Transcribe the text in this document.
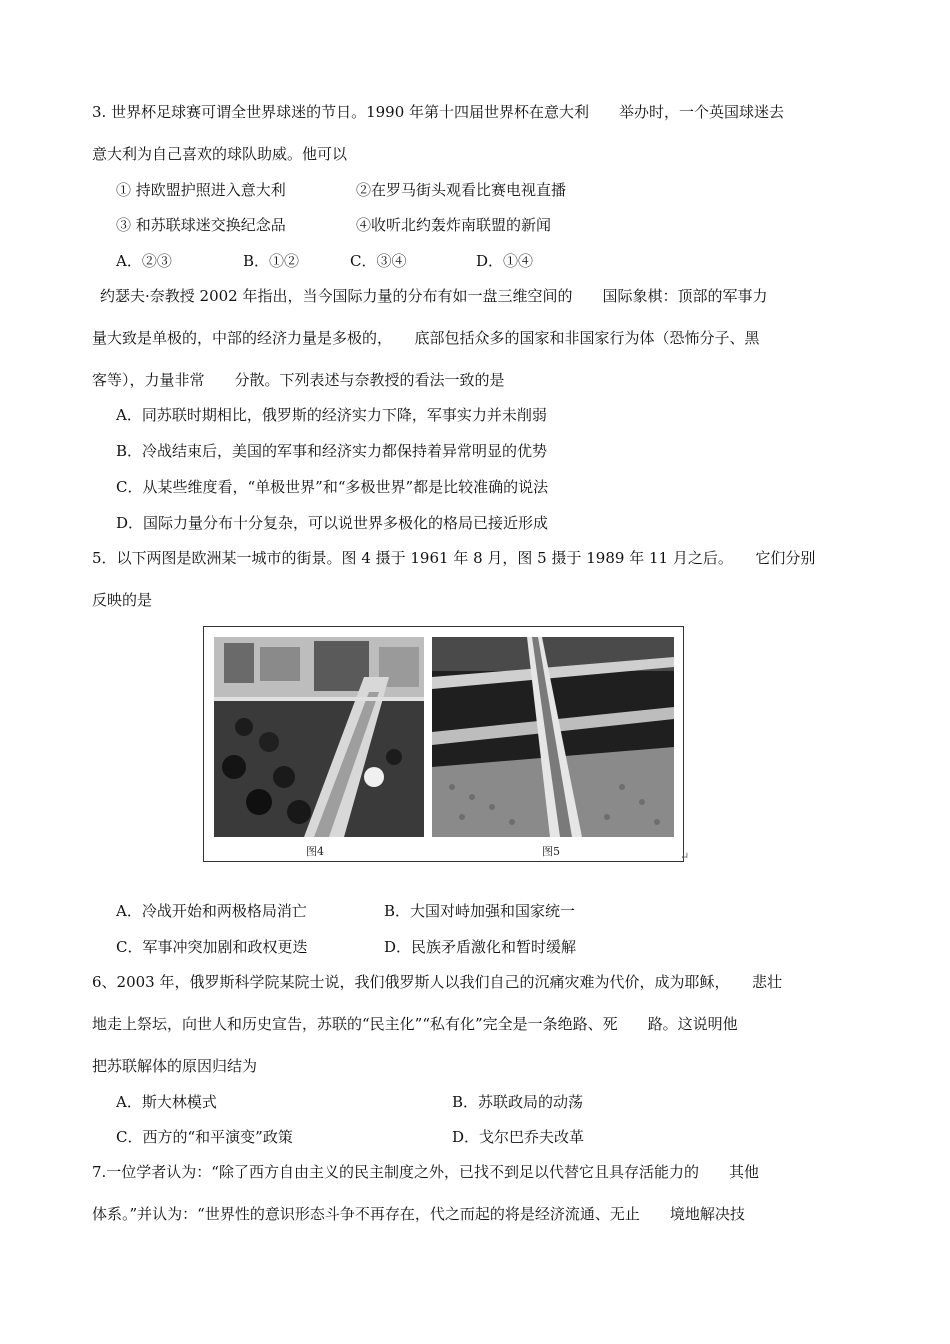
3. 世界杯足球赛可谓全世界球迷的节日。1990 年第十四届世界杯在意大利　　举办时，一个英国球迷去
意大利为自己喜欢的球队助威。他可以
① 持欧盟护照进入意大利	②在罗马街头观看比赛电视直播
③ 和苏联球迷交换纪念品	④收听北约轰炸南联盟的新闻
A．②③	B．①②	C．③④	D．①④
约瑟夫·奈教授 2002 年指出，当今国际力量的分布有如一盘三维空间的　　国际象棋：顶部的军事力
量大致是单极的，中部的经济力量是多极的，　　底部包括众多的国家和非国家行为体（恐怖分子、黑
客等），力量非常　　分散。下列表述与奈教授的看法一致的是
A．同苏联时期相比，俄罗斯的经济实力下降，军事实力并未削弱
B．冷战结束后，美国的军事和经济实力都保持着异常明显的优势
C．从某些维度看，“单极世界”和“多极世界”都是比较准确的说法
D．国际力量分布十分复杂，可以说世界多极化的格局已接近形成
5．以下两图是欧洲某一城市的街景。图 4 摄于 1961 年 8 月，图 5 摄于 1989 年 11 月之后。　　它们分别
反映的是
图4	图5	↵
A．冷战开始和两极格局消亡	B．大国对峙加强和国家统一
C．军事冲突加剧和政权更迭	D．民族矛盾激化和暂时缓解
6、2003 年，俄罗斯科学院某院士说，我们俄罗斯人以我们自己的沉痛灾难为代价，成为耶稣，　　悲壮
地走上祭坛，向世人和历史宣告，苏联的“民主化”“私有化”完全是一条绝路、死　　路。这说明他
把苏联解体的原因归结为
A．斯大林模式	B．苏联政局的动荡
C．西方的“和平演变”政策	D．戈尔巴乔夫改革
7.一位学者认为：“除了西方自由主义的民主制度之外，已找不到足以代替它且具存活能力的　　其他
体系。”并认为：“世界性的意识形态斗争不再存在，代之而起的将是经济流通、无止　　境地解决技
